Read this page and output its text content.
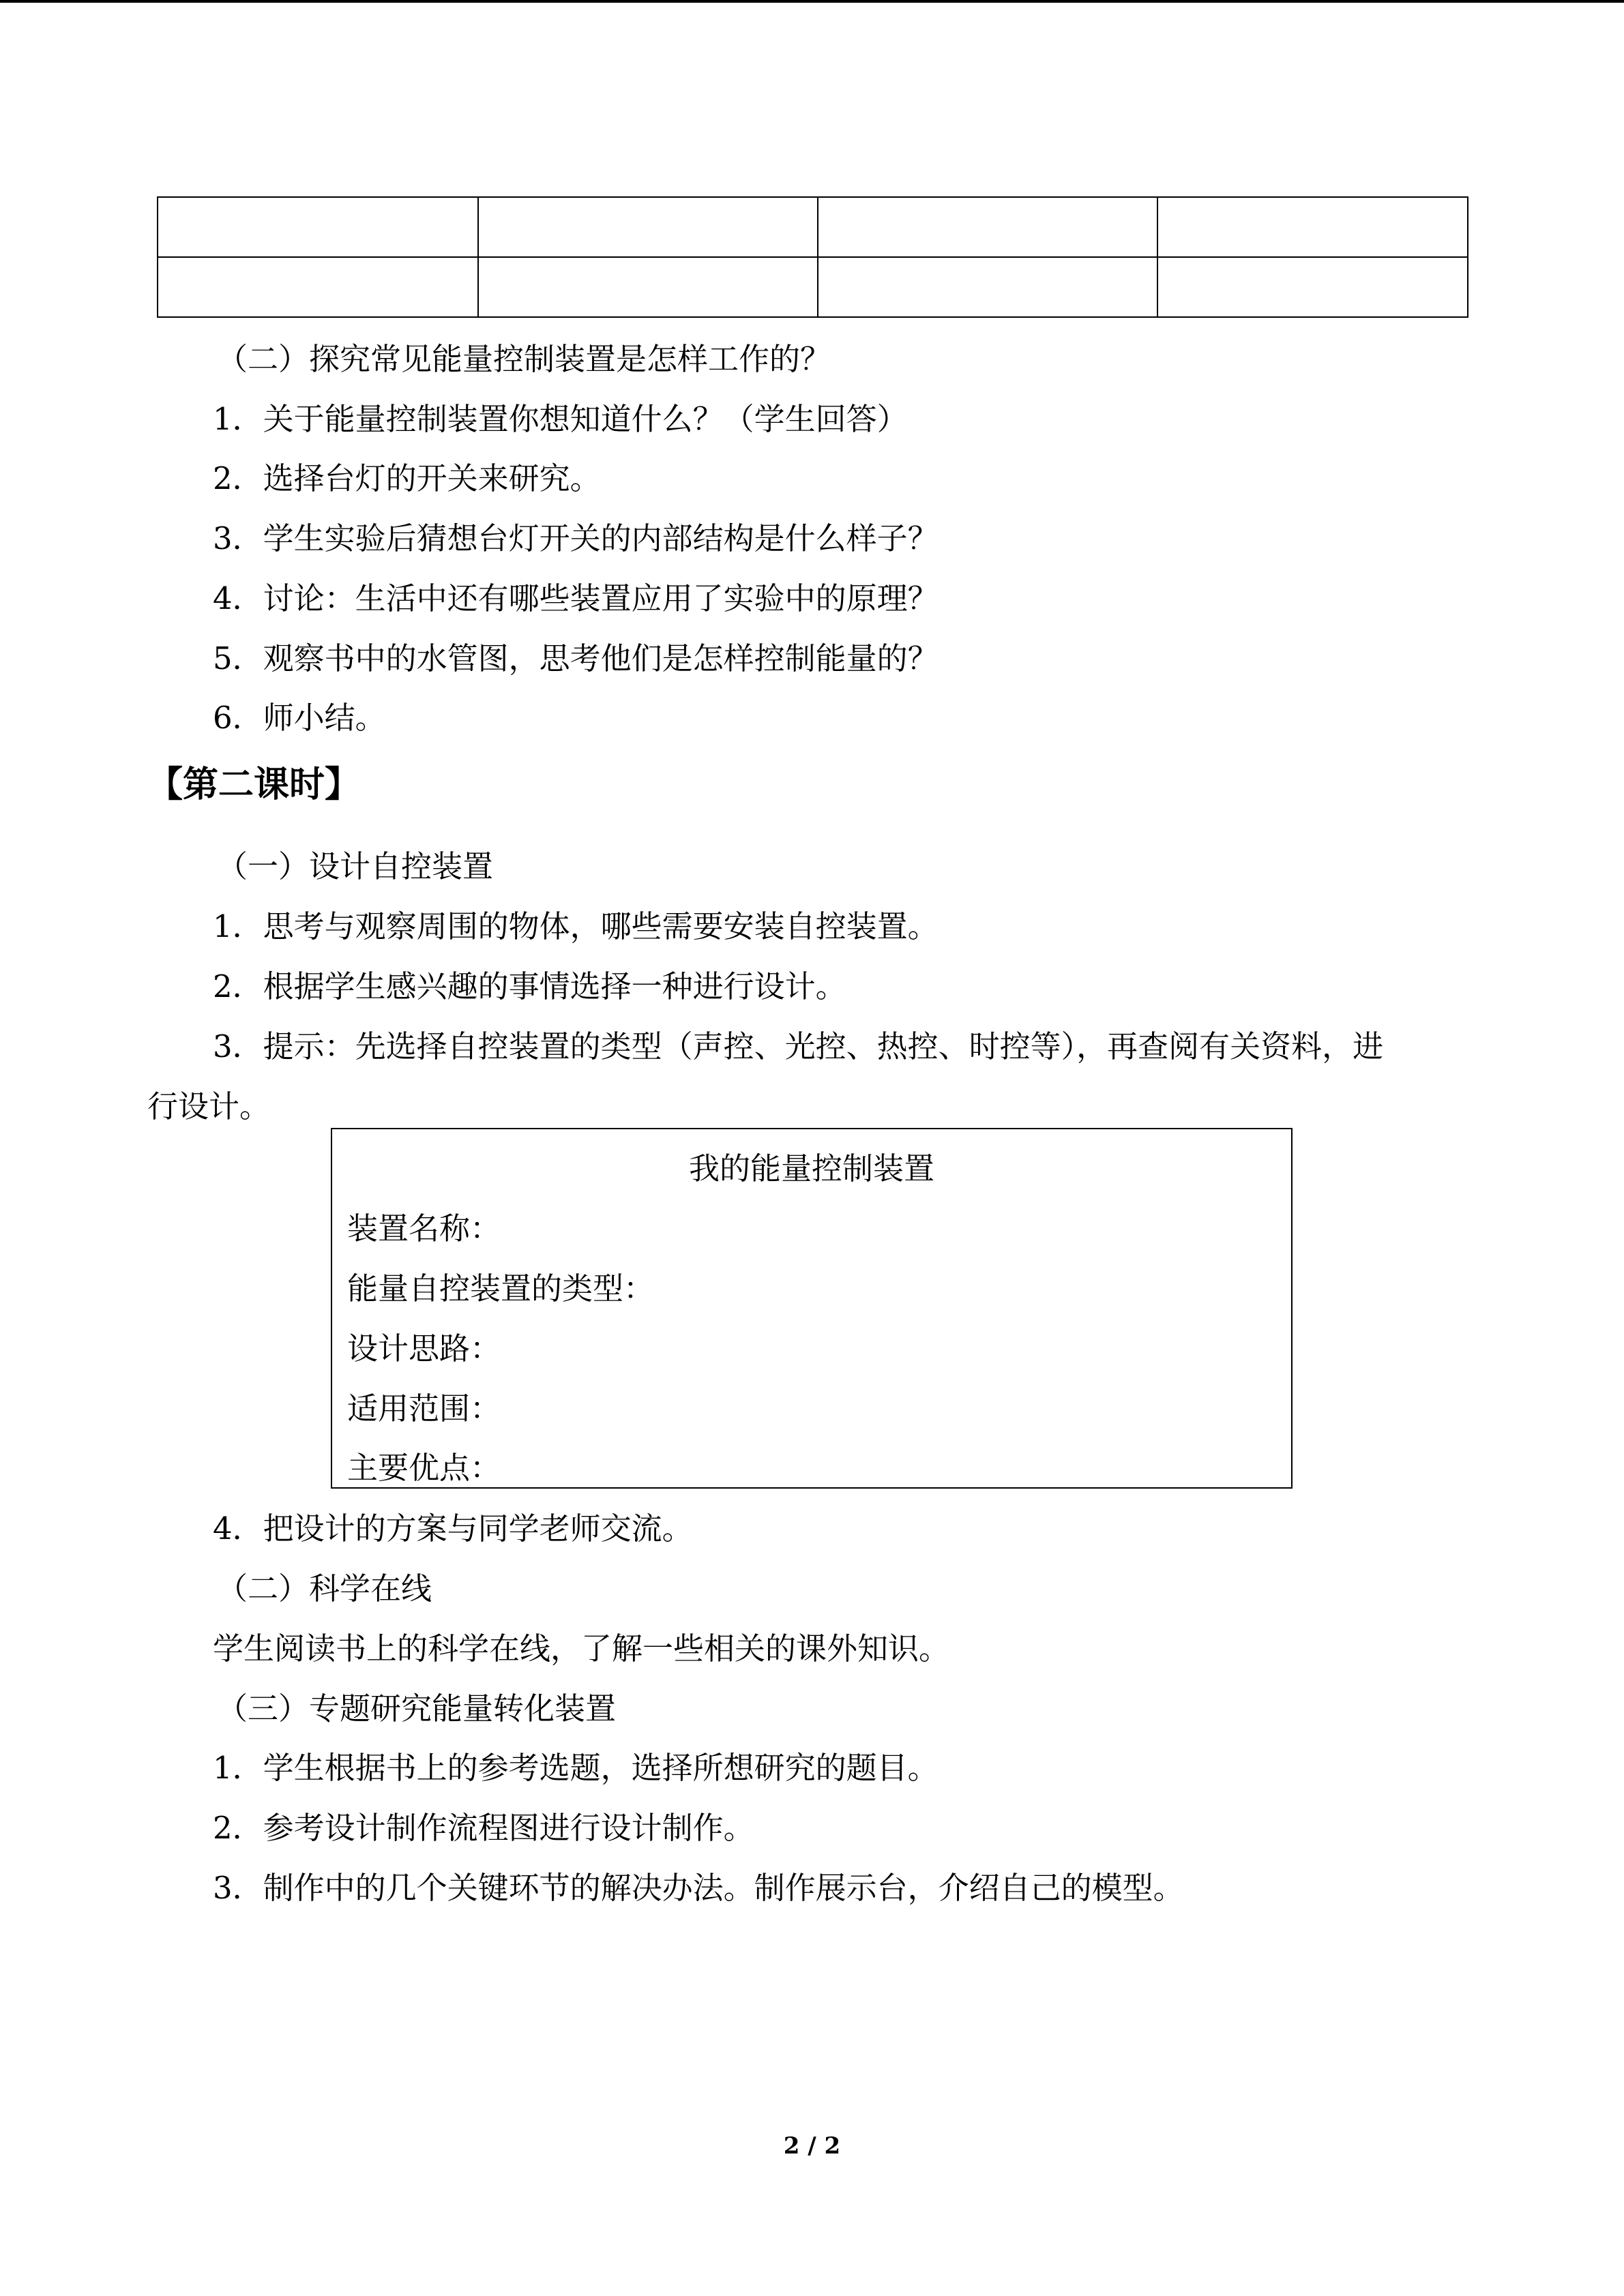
（二）探究常见能量控制装置是怎样工作的？
1．关于能量控制装置你想知道什么？（学生回答）
2．选择台灯的开关来研究。
3．学生实验后猜想台灯开关的内部结构是什么样子？
4．讨论：生活中还有哪些装置应用了实验中的原理？
5．观察书中的水管图，思考他们是怎样控制能量的？
6．师小结。
【第二课时】
（一）设计自控装置
1．思考与观察周围的物体，哪些需要安装自控装置。
2．根据学生感兴趣的事情选择一种进行设计。
3．提示：先选择自控装置的类型（声控、光控、热控、时控等），再查阅有关资料，进
行设计。
我的能量控制装置
装置名称：
能量自控装置的类型：
设计思路：
适用范围：
主要优点：
4．把设计的方案与同学老师交流。
（二）科学在线
学生阅读书上的科学在线，了解一些相关的课外知识。
（三）专题研究能量转化装置
1．学生根据书上的参考选题，选择所想研究的题目。
2．参考设计制作流程图进行设计制作。
3．制作中的几个关键环节的解决办法。制作展示台，介绍自己的模型。
2 / 2
